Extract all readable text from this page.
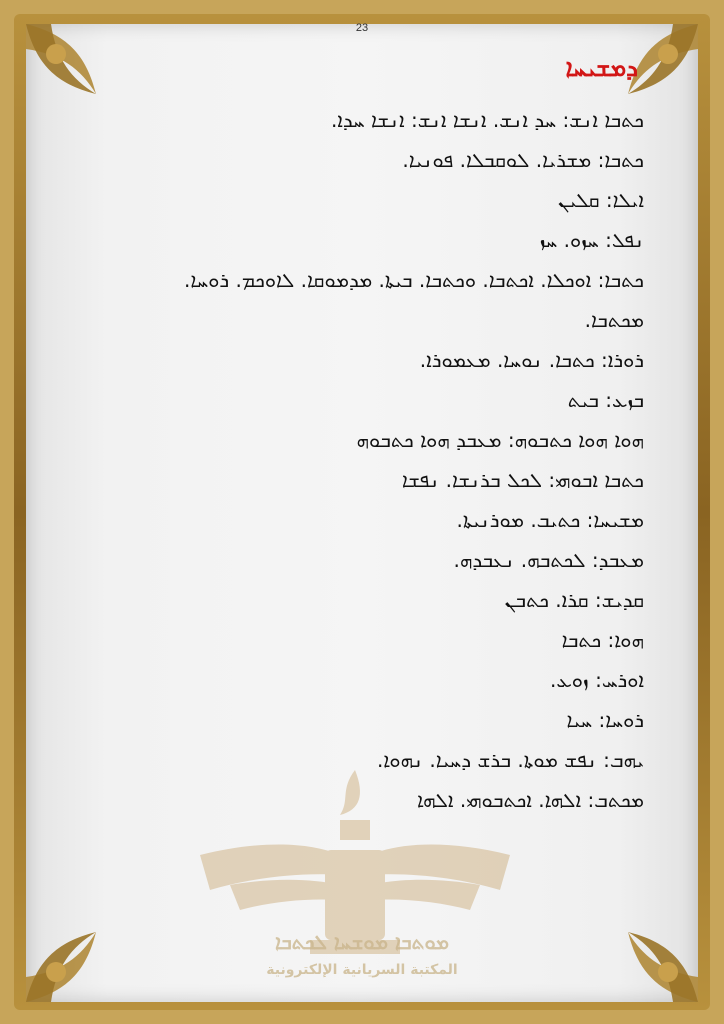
ܡܘܬܒܐ ܡܘܫܚܐ ܠܟܬܒܐ
المكتبة السريانية الإلكترونية
23
ܕܡܫܝܚܐ
ܟܬܒܐ ܐܢܫ: ܚܕ ܐܢܫ. ܐܢܫܐ ܐܢܫ: ܐܢܫܐ ܚܕܐ.
ܟܬܒܐ: ܡܫܪܝܐ. ܠܘܩܒܠܐ. ܦܘܢܝܐ.
ܐܝܠܐ: ܩܠܝܢ
ܢܦܠ: ܚܙܘ. ܚܙ
ܟܬܒܐ: ܐܘܟܠܐ. ܐܟܬܒܐ. ܘܟܬܒܐ. ܒܝܬܐ. ܡܕܡܘܩܐ. ܠܐܘܟܡ. ܪܘܚܐ.
ܡܟܬܒܐ.
ܪܘܪܐ: ܟܬܒܐ. ܢܘܚܐ. ܡܥܡܘܪܐ.
ܒܙܥ: ܒܝܬ
ܗܘܐ ܗܘܐ ܟܬܒܘܗ: ܡܥܒܕ ܗܘܐ ܟܬܒܘܗ
ܟܬܒܐ ܐܒܘܗܝ: ܠܟܠ ܒܪܢܫܐ. ܢܦܫܐ
ܡܫܝܚܐ: ܟܬܝܒ. ܡܘܪܢܝܬܐ.
ܡܥܒܕ: ܠܟܬܒܗ. ܢܥܒܕܗ.
ܩܕܝܫ: ܩܪܐ. ܟܬܒܢ
ܗܘܐ: ܟܬܒܐ
ܐܘܪܚ: ܙܘܥ.
ܪܘܚܐ: ܚܝܐ
ܝܗܒ: ܢܦܫ ܡܘܬܐ. ܒܪܫ ܕܚܝܐ. ܢܗܘܐ.
ܡܟܬܒ: ܐܠܗܐ. ܐܟܬܒܘܗܝ. ܐܠܗܐ
